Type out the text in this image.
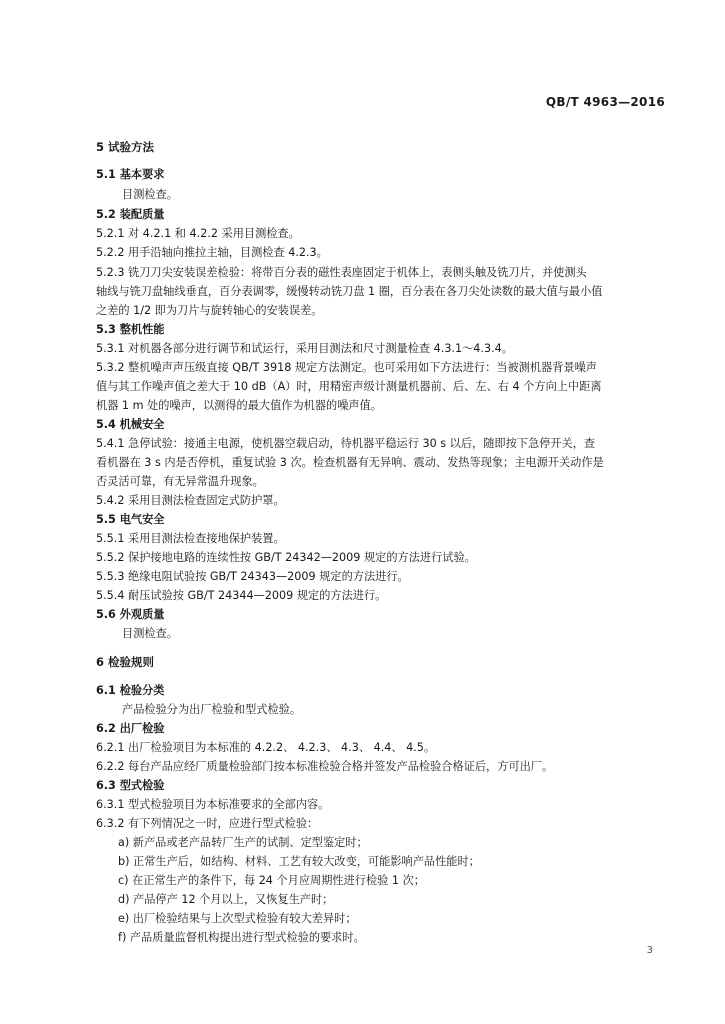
QB/T 4963—2016
5 试验方法
5.1 基本要求
目测检查。
5.2 装配质量
5.2.1 对 4.2.1 和 4.2.2 采用目测检查。
5.2.2 用手沿轴向推拉主轴，目测检查 4.2.3。
5.2.3 铣刀刀尖安装误差检验：将带百分表的磁性表座固定于机体上，表侧头触及铣刀片，并使测头
轴线与铣刀盘轴线垂直，百分表调零，缓慢转动铣刀盘 1 圈，百分表在各刀尖处读数的最大值与最小值
之差的 1/2 即为刀片与旋转轴心的安装误差。
5.3 整机性能
5.3.1 对机器各部分进行调节和试运行，采用目测法和尺寸测量检查 4.3.1～4.3.4。
5.3.2 整机噪声声压级直接 QB/T 3918 规定方法测定。也可采用如下方法进行：当被测机器背景噪声
值与其工作噪声值之差大于 10 dB（A）时，用精密声级计测量机器前、后、左、右 4 个方向上中距离
机器 1 m 处的噪声，以测得的最大值作为机器的噪声值。
5.4 机械安全
5.4.1 急停试验：接通主电源，使机器空载启动，待机器平稳运行 30 s 以后，随即按下急停开关，查
看机器在 3 s 内是否停机，重复试验 3 次。检查机器有无异响、震动、发热等现象；主电源开关动作是
否灵活可靠，有无异常温升现象。
5.4.2 采用目测法检查固定式防护罩。
5.5 电气安全
5.5.1 采用目测法检查接地保护装置。
5.5.2 保护接地电路的连续性按 GB/T 24342—2009 规定的方法进行试验。
5.5.3 绝缘电阻试验按 GB/T 24343—2009 规定的方法进行。
5.5.4 耐压试验按 GB/T 24344—2009 规定的方法进行。
5.6 外观质量
目测检查。
6 检验规则
6.1 检验分类
产品检验分为出厂检验和型式检验。
6.2 出厂检验
6.2.1 出厂检验项目为本标准的 4.2.2、 4.2.3、 4.3、 4.4、 4.5。
6.2.2 每台产品应经厂质量检验部门按本标准检验合格并签发产品检验合格证后，方可出厂。
6.3 型式检验
6.3.1 型式检验项目为本标准要求的全部内容。
6.3.2 有下列情况之一时，应进行型式检验：
a) 新产品或老产品转厂生产的试制、定型鉴定时；
b) 正常生产后，如结构、材料、工艺有较大改变，可能影响产品性能时；
c) 在正常生产的条件下，每 24 个月应周期性进行检验 1 次；
d) 产品停产 12 个月以上，又恢复生产时；
e) 出厂检验结果与上次型式检验有较大差异时；
f) 产品质量监督机构提出进行型式检验的要求时。
3
